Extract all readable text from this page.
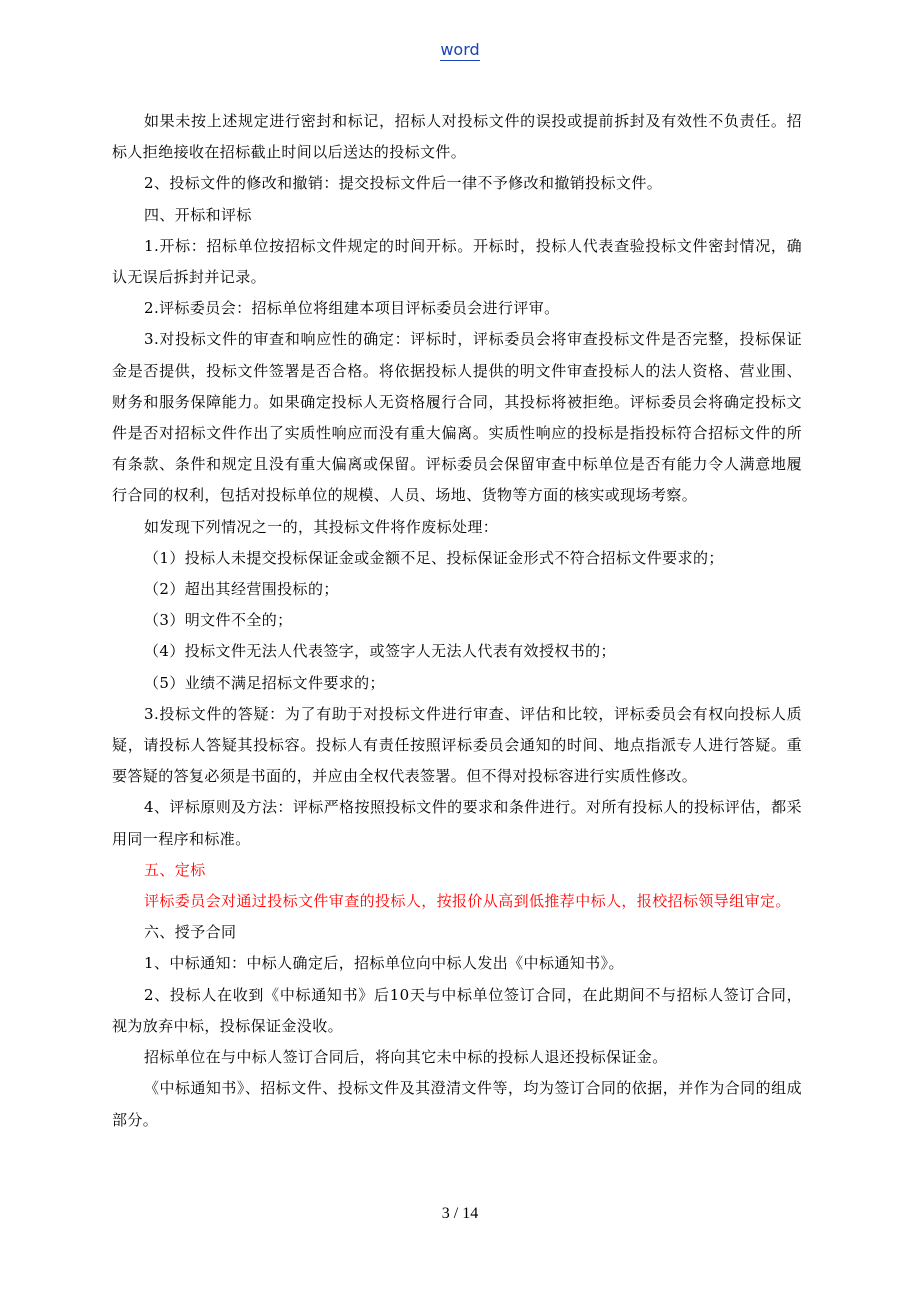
word

如果未按上述规定进行密封和标记，招标人对投标文件的误投或提前拆封及有效性不负责任。招标人拒绝接收在招标截止时间以后送达的投标文件。

2、投标文件的修改和撤销：提交投标文件后一律不予修改和撤销投标文件。

四、开标和评标

1.开标：招标单位按招标文件规定的时间开标。开标时，投标人代表查验投标文件密封情况，确认无误后拆封并记录。

2.评标委员会：招标单位将组建本项目评标委员会进行评审。

3.对投标文件的审查和响应性的确定：评标时，评标委员会将审查投标文件是否完整，投标保证金是否提供，投标文件签署是否合格。将依据投标人提供的明文件审查投标人的法人资格、营业围、财务和服务保障能力。如果确定投标人无资格履行合同，其投标将被拒绝。评标委员会将确定投标文件是否对招标文件作出了实质性响应而没有重大偏离。实质性响应的投标是指投标符合招标文件的所有条款、条件和规定且没有重大偏离或保留。评标委员会保留审查中标单位是否有能力令人满意地履行合同的权利，包括对投标单位的规模、人员、场地、货物等方面的核实或现场考察。

如发现下列情况之一的，其投标文件将作废标处理：

（1）投标人未提交投标保证金或金额不足、投标保证金形式不符合招标文件要求的；

（2）超出其经营围投标的；

（3）明文件不全的；

（4）投标文件无法人代表签字，或签字人无法人代表有效授权书的；

（5）业绩不满足招标文件要求的；

3.投标文件的答疑：为了有助于对投标文件进行审查、评估和比较，评标委员会有权向投标人质疑，请投标人答疑其投标容。投标人有责任按照评标委员会通知的时间、地点指派专人进行答疑。重要答疑的答复必须是书面的，并应由全权代表签署。但不得对投标容进行实质性修改。

4、评标原则及方法：评标严格按照投标文件的要求和条件进行。对所有投标人的投标评估，都采用同一程序和标准。

五、定标

评标委员会对通过投标文件审查的投标人，按报价从高到低推荐中标人，报校招标领导组审定。

六、授予合同

1、中标通知：中标人确定后，招标单位向中标人发出《中标通知书》。

2、投标人在收到《中标通知书》后10天与中标单位签订合同，在此期间不与招标人签订合同，视为放弃中标，投标保证金没收。

招标单位在与中标人签订合同后，将向其它未中标的投标人退还投标保证金。

《中标通知书》、招标文件、投标文件及其澄清文件等，均为签订合同的依据，并作为合同的组成部分。

3 / 14
